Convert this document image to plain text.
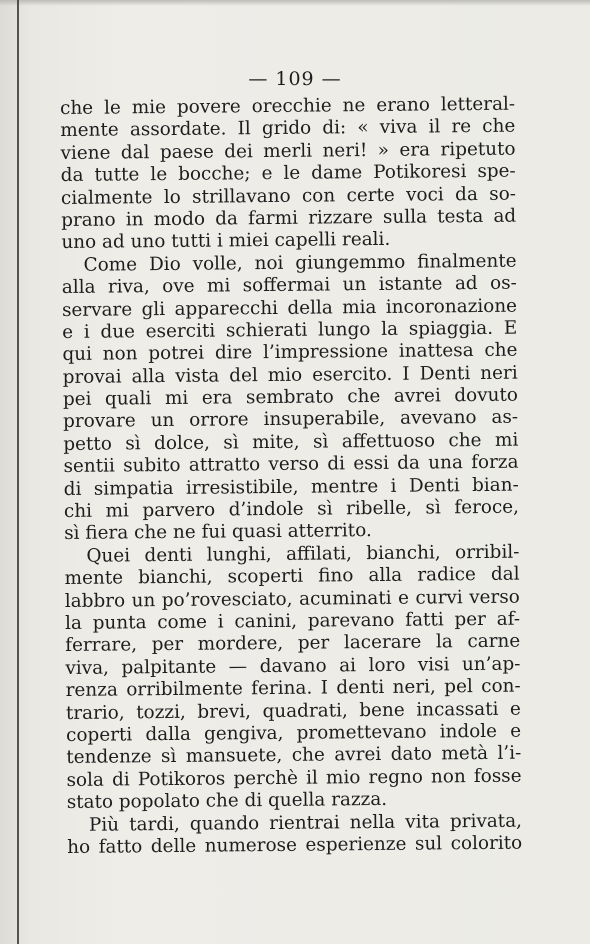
— 109 —
che le mie povere orecchie ne erano letteral-
mente assordate. Il grido di: « viva il re che
viene dal paese dei merli neri! » era ripetuto
da tutte le bocche; e le dame Potikoresi spe-
cialmente lo strillavano con certe voci da so-
prano in modo da farmi rizzare sulla testa ad
uno ad uno tutti i miei capelli reali.
Come Dio volle, noi giungemmo finalmente
alla riva, ove mi soffermai un istante ad os-
servare gli apparecchi della mia incoronazione
e i due eserciti schierati lungo la spiaggia. E
qui non potrei dire l’impressione inattesa che
provai alla vista del mio esercito. I Denti neri
pei quali mi era sembrato che avrei dovuto
provare un orrore insuperabile, avevano as-
petto sì dolce, sì mite, sì affettuoso che mi
sentii subito attratto verso di essi da una forza
di simpatia irresistibile, mentre i Denti bian-
chi mi parvero d’indole sì ribelle, sì feroce,
sì fiera che ne fui quasi atterrito.
Quei denti lunghi, affilati, bianchi, orribil-
mente bianchi, scoperti fino alla radice dal
labbro un po’rovesciato, acuminati e curvi verso
la punta come i canini, parevano fatti per af-
ferrare, per mordere, per lacerare la carne
viva, palpitante — davano ai loro visi un’ap-
renza orribilmente ferina. I denti neri, pel con-
trario, tozzi, brevi, quadrati, bene incassati e
coperti dalla gengiva, promettevano indole e
tendenze sì mansuete, che avrei dato metà l’i-
sola di Potikoros perchè il mio regno non fosse
stato popolato che di quella razza.
Più tardi, quando rientrai nella vita privata,
ho fatto delle numerose esperienze sul colorito
